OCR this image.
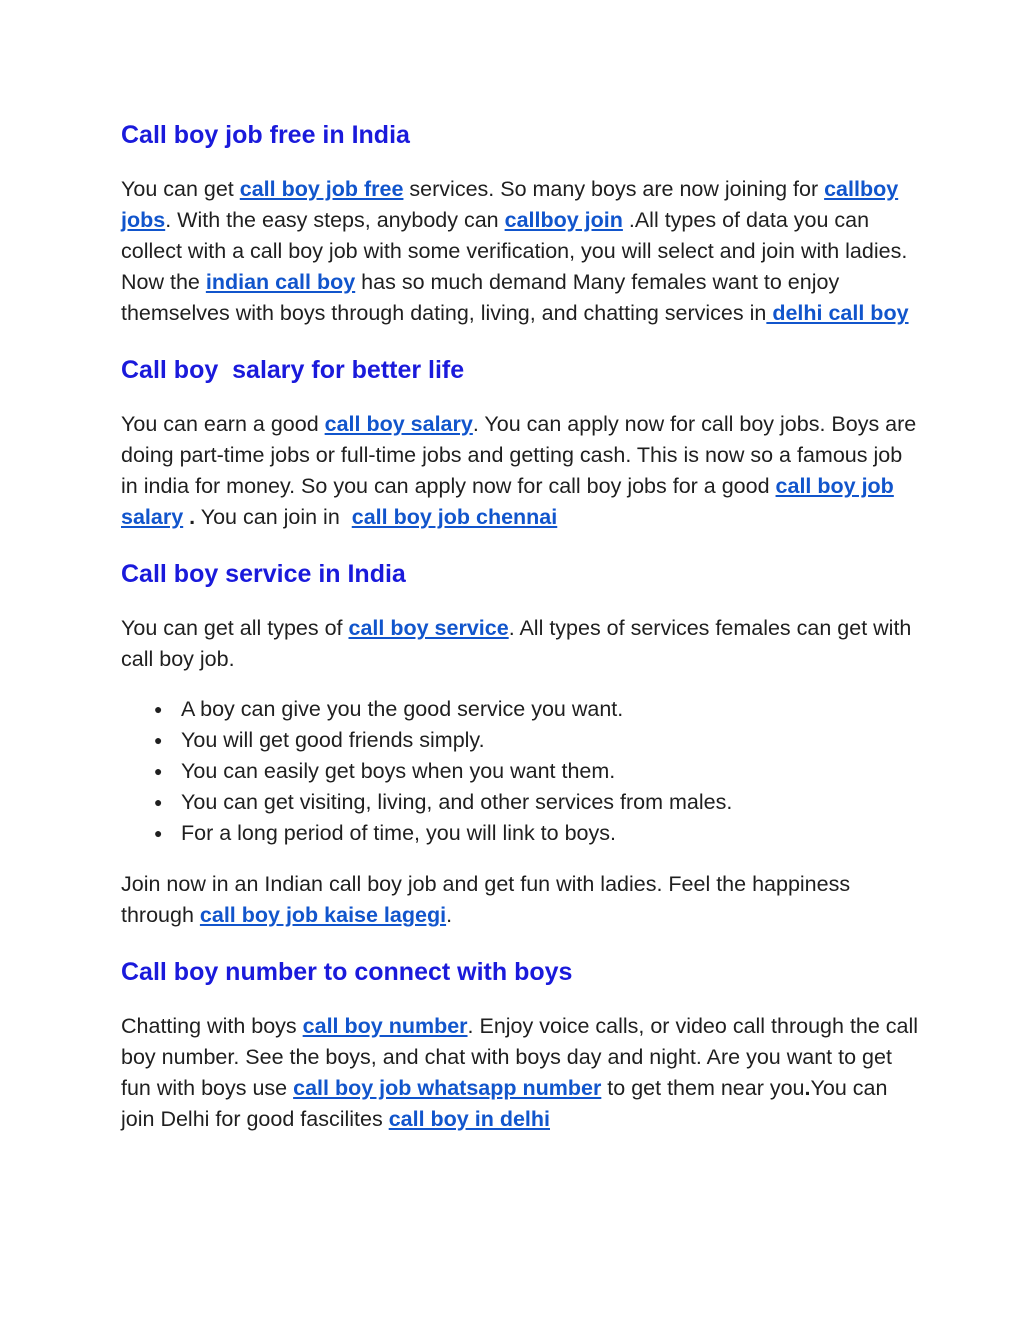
Call boy job free in India

You can get call boy job free services. So many boys are now joining for callboy jobs. With the easy steps, anybody can callboy join .All types of data you can collect with a call boy job with some verification, you will select and join with ladies. Now the indian call boy has so much demand Many females want to enjoy themselves with boys through dating, living, and chatting services in delhi call boy

Call boy  salary for better life

You can earn a good call boy salary. You can apply now for call boy jobs. Boys are doing part-time jobs or full-time jobs and getting cash. This is now so a famous job in india for money. So you can apply now for call boy jobs for a good call boy job salary . You can join in  call boy job chennai

Call boy service in India

You can get all types of call boy service. All types of services females can get with call boy job.

● A boy can give you the good service you want.
● You will get good friends simply.
● You can easily get boys when you want them.
● You can get visiting, living, and other services from males.
● For a long period of time, you will link to boys.

Join now in an Indian call boy job and get fun with ladies. Feel the happiness through call boy job kaise lagegi.

Call boy number to connect with boys

Chatting with boys call boy number. Enjoy voice calls, or video call through the call boy number. See the boys, and chat with boys day and night. Are you want to get fun with boys use call boy job whatsapp number to get them near you.You can join Delhi for good fascilites call boy in delhi
